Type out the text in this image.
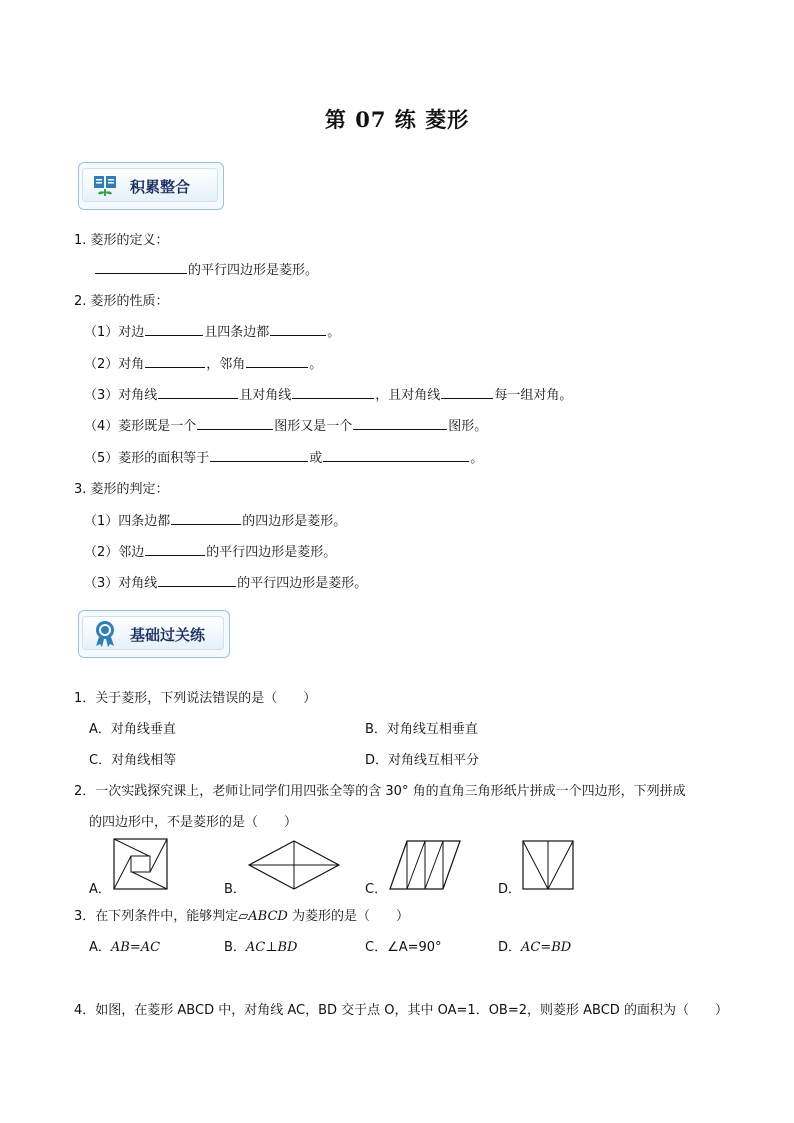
第 07 练 菱形
积累整合
1. 菱形的定义：
的平行四边形是菱形。
2. 菱形的性质：
（1）对边	且四条边都	。
（2）对角	，邻角	。
（3）对角线	且对角线	，且对角线	每一组对角。
（4）菱形既是一个	图形又是一个	图形。
（5）菱形的面积等于	或	。
3. 菱形的判定：
（1）四条边都	的四边形是菱形。
（2）邻边	的平行四边形是菱形。
（3）对角线	的平行四边形是菱形。
基础过关练
1．关于菱形，下列说法错误的是（　　）
A．对角线垂直	B．对角线互相垂直
C．对角线相等	D．对角线互相平分
2．一次实践探究课上，老师让同学们用四张全等的含 30° 角的直角三角形纸片拼成一个四边形，下列拼成
的四边形中，不是菱形的是（　　）
A．	B．	C．	D．
3．在下列条件中，能够判定▱ABCD 为菱形的是（　　）
A．AB=AC	B．AC⊥BD	C．∠A=90°	D．AC=BD
4．如图，在菱形 ABCD 中，对角线 AC，BD 交于点 O，其中 OA=1．OB=2，则菱形 ABCD 的面积为（　　）
